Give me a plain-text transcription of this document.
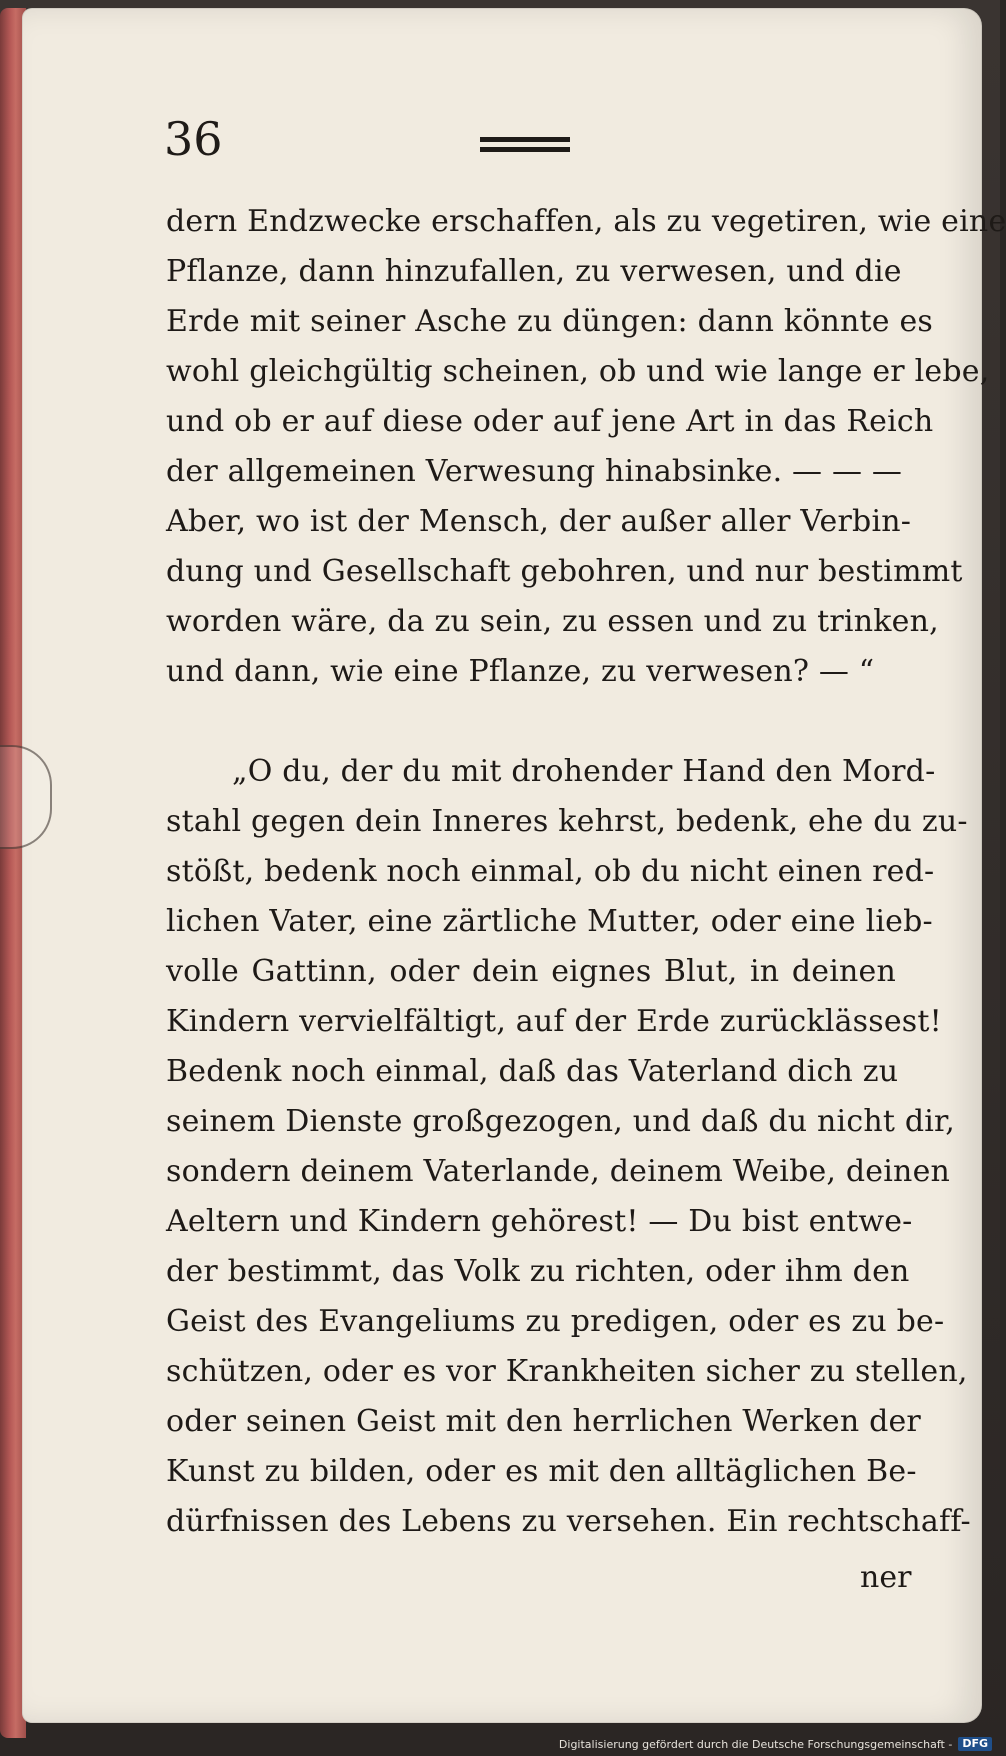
36
dern Endzwecke erschaffen, als zu vegetiren, wie eine
Pflanze, dann hinzufallen, zu verwesen, und die
Erde mit seiner Asche zu düngen: dann könnte es
wohl gleichgültig scheinen, ob und wie lange er lebe,
und ob er auf diese oder auf jene Art in das Reich
der allgemeinen Verwesung hinabsinke. — — —
Aber, wo ist der Mensch, der außer aller Verbin-
dung und Gesellschaft gebohren, und nur bestimmt
worden wäre, da zu sein, zu essen und zu trinken,
und dann, wie eine Pflanze, zu verwesen? — “
„O du, der du mit drohender Hand den Mord-
stahl gegen dein Inneres kehrst, bedenk, ehe du zu-
stößt, bedenk noch einmal, ob du nicht einen red-
lichen Vater, eine zärtliche Mutter, oder eine lieb-
volle Gattinn, oder dein eignes Blut, in deinen
Kindern vervielfältigt, auf der Erde zurücklässest!
Bedenk noch einmal, daß das Vaterland dich zu
seinem Dienste großgezogen, und daß du nicht dir,
sondern deinem Vaterlande, deinem Weibe, deinen
Aeltern und Kindern gehörest! — Du bist entwe-
der bestimmt, das Volk zu richten, oder ihm den
Geist des Evangeliums zu predigen, oder es zu be-
schützen, oder es vor Krankheiten sicher zu stellen,
oder seinen Geist mit den herrlichen Werken der
Kunst zu bilden, oder es mit den alltäglichen Be-
dürfnissen des Lebens zu versehen. Ein rechtschaff-
ner
Digitalisierung gefördert durch die Deutsche Forschungsgemeinschaft - DFG
